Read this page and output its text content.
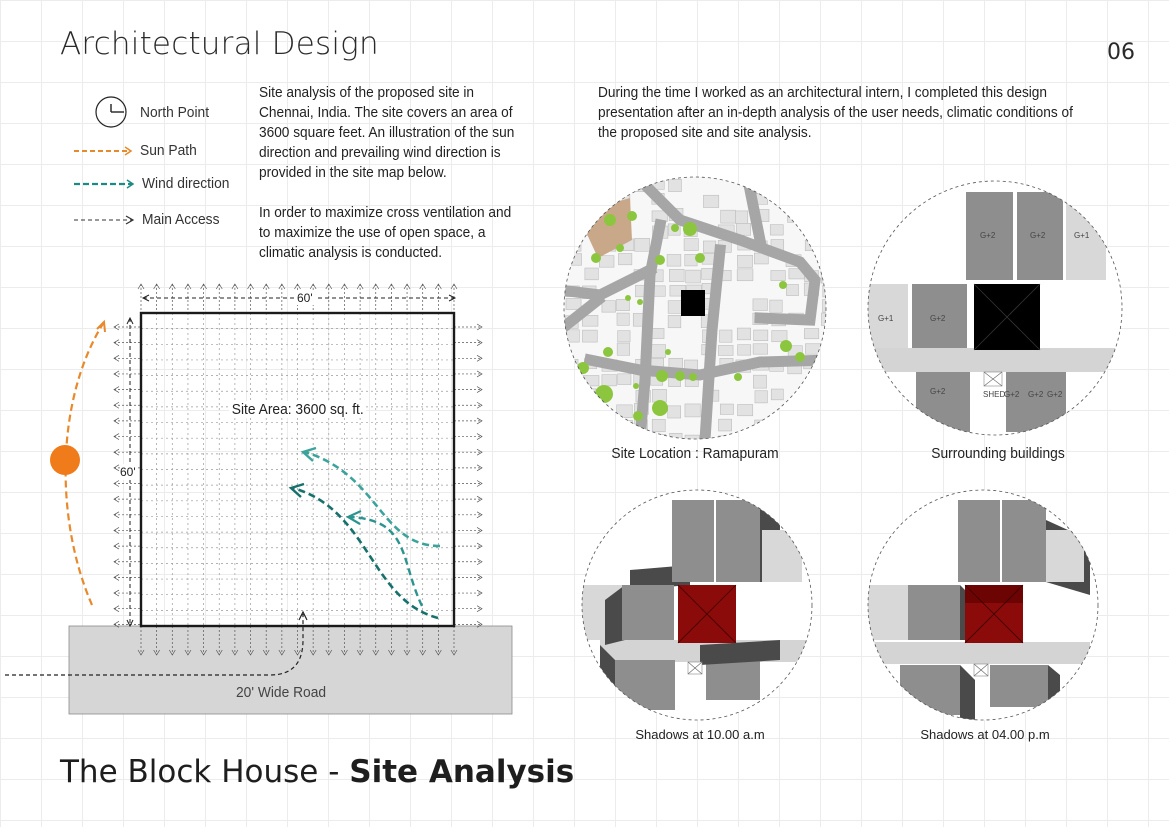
Architectural Design	06
Site analysis of the proposed site in Chennai, India. The site covers an area of 3600 square feet. An illustration of the sun direction and prevailing wind direction is provided in the site map below.
In order to maximize cross ventilation and to maximize the use of open space, a climatic analysis is conducted.
During the time I worked as an architectural intern, I completed this design presentation after an in-depth analysis of the user needs, climatic conditions of the proposed site and site analysis.
North Point
Sun Path
Wind direction
Main Access
60'
60'
Site Area: 3600 sq. ft.
20' Wide Road
G+2	G+2	G+1
G+1	G+2
G+2	SHED
G+2 G+2 G+2
Site Location : Ramapuram	Surrounding buildings
Shadows at 10.00 a.m	Shadows at 04.00 p.m
The Block House - Site Analysis
